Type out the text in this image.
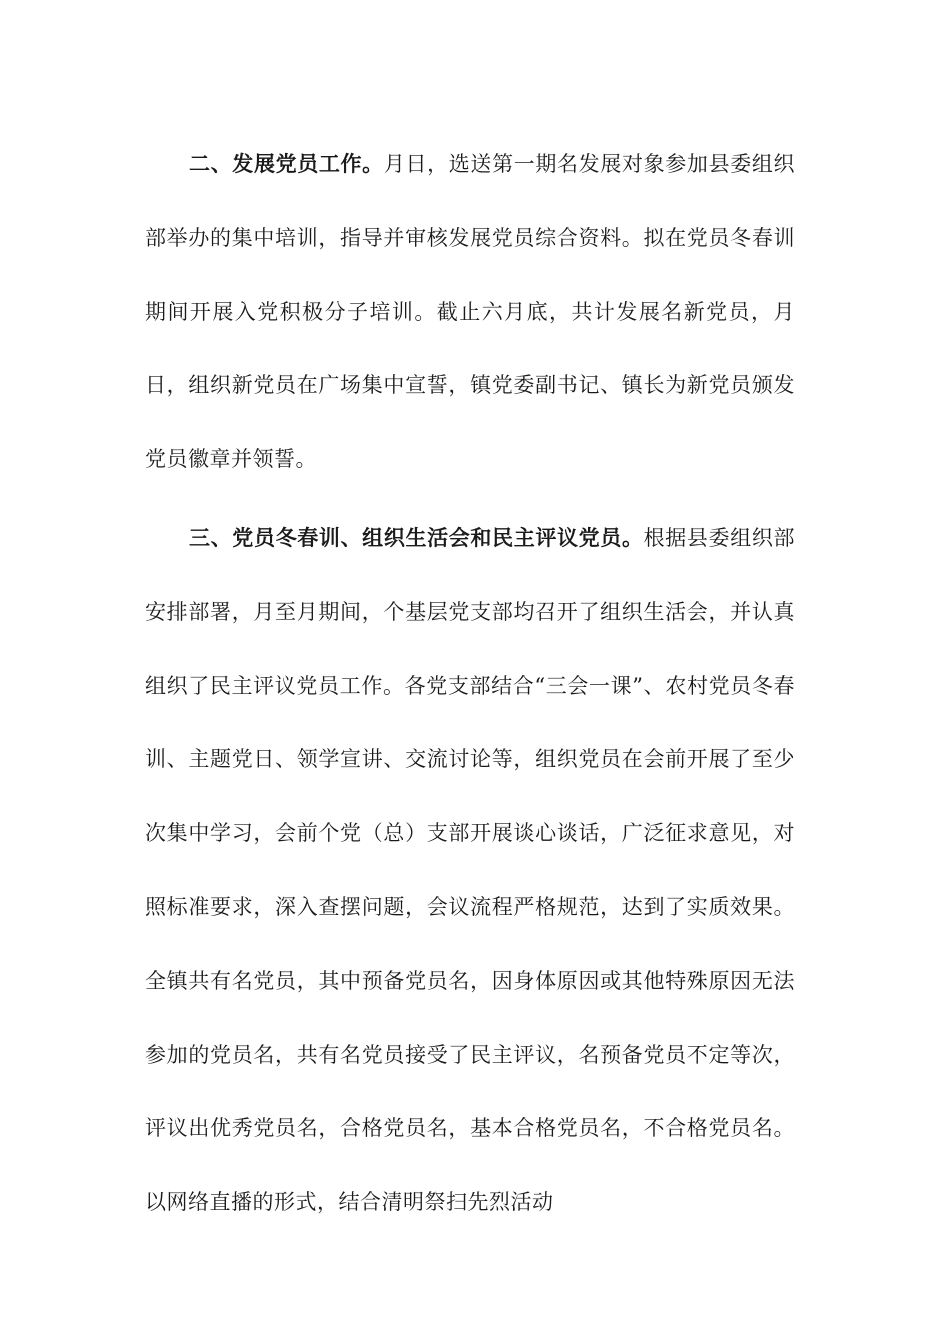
二、发展党员工作。月日，选送第一期名发展对象参加县委组织部举办的集中培训，指导并审核发展党员综合资料。拟在党员冬春训期间开展入党积极分子培训。截止六月底，共计发展名新党员，月日，组织新党员在广场集中宣誓，镇党委副书记、镇长为新党员颁发党员徽章并领誓。

三、党员冬春训、组织生活会和民主评议党员。根据县委组织部安排部署，月至月期间，个基层党支部均召开了组织生活会，并认真组织了民主评议党员工作。各党支部结合“三会一课”、农村党员冬春训、主题党日、领学宣讲、交流讨论等，组织党员在会前开展了至少次集中学习，会前个党（总）支部开展谈心谈话，广泛征求意见，对照标准要求，深入查摆问题，会议流程严格规范，达到了实质效果。全镇共有名党员，其中预备党员名，因身体原因或其他特殊原因无法参加的党员名，共有名党员接受了民主评议，名预备党员不定等次，评议出优秀党员名，合格党员名，基本合格党员名，不合格党员名。以网络直播的形式，结合清明祭扫先烈活动
